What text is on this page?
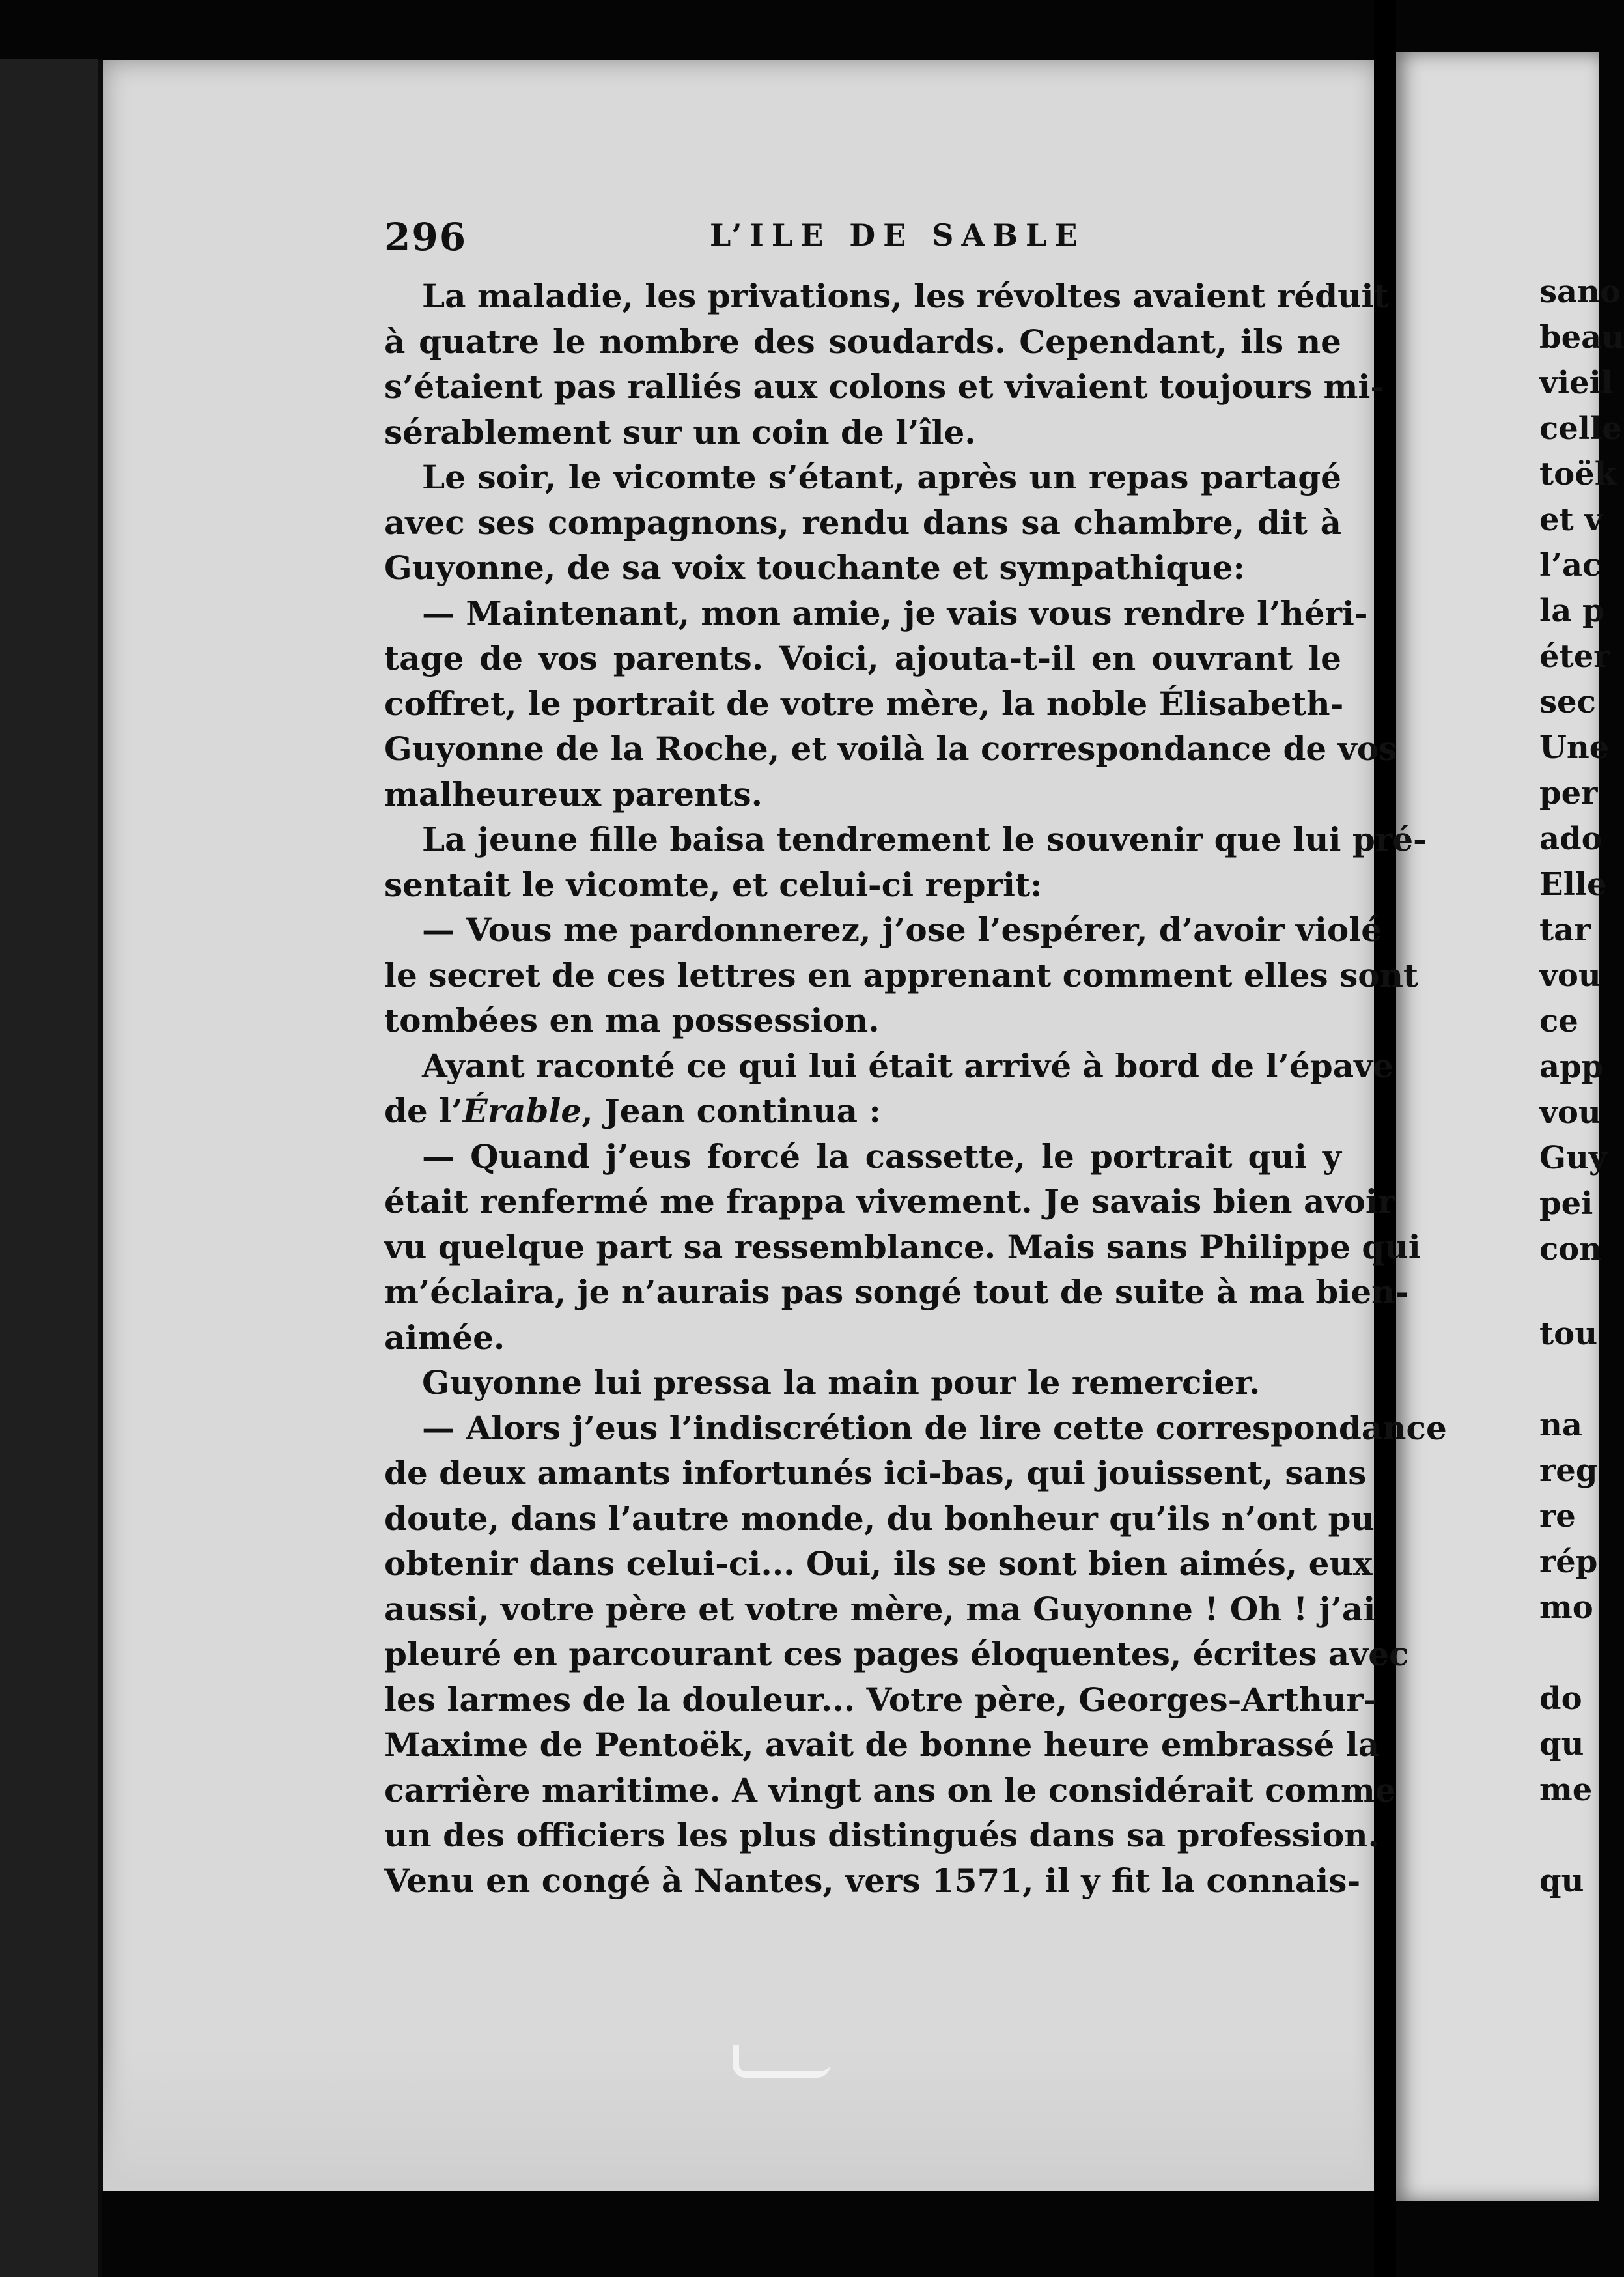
sano
beau
vieil
celle
toëk
et v
l’ac
la p
éter
sec
Une
per
ado
Elle
tar
vou
ce
app
vou
Guy
pei
con
tou
na
reg
re
rép
mo
do
qu
me
qu
296	L’ILE DE SABLE
La maladie, les privations, les révoltes avaient réduit
à quatre le nombre des soudards. Cependant, ils ne
s’étaient pas ralliés aux colons et vivaient toujours mi-
sérablement sur un coin de l’île.
Le soir, le vicomte s’étant, après un repas partagé
avec ses compagnons, rendu dans sa chambre, dit à
Guyonne, de sa voix touchante et sympathique:
— Maintenant, mon amie, je vais vous rendre l’héri-
tage de vos parents. Voici, ajouta-t-il en ouvrant le
coffret, le portrait de votre mère, la noble Élisabeth-
Guyonne de la Roche, et voilà la correspondance de vos
malheureux parents.
La jeune fille baisa tendrement le souvenir que lui pré-
sentait le vicomte, et celui-ci reprit:
— Vous me pardonnerez, j’ose l’espérer, d’avoir violé
le secret de ces lettres en apprenant comment elles sont
tombées en ma possession.
Ayant raconté ce qui lui était arrivé à bord de l’épave
de l’Érable, Jean continua :
— Quand j’eus forcé la cassette, le portrait qui y
était renfermé me frappa vivement. Je savais bien avoir
vu quelque part sa ressemblance. Mais sans Philippe qui
m’éclaira, je n’aurais pas songé tout de suite à ma bien-
aimée.
Guyonne lui pressa la main pour le remercier.
— Alors j’eus l’indiscrétion de lire cette correspondance
de deux amants infortunés ici-bas, qui jouissent, sans
doute, dans l’autre monde, du bonheur qu’ils n’ont pu
obtenir dans celui-ci... Oui, ils se sont bien aimés, eux
aussi, votre père et votre mère, ma Guyonne ! Oh ! j’ai
pleuré en parcourant ces pages éloquentes, écrites avec
les larmes de la douleur... Votre père, Georges-Arthur-
Maxime de Pentoëk, avait de bonne heure embrassé la
carrière maritime. A vingt ans on le considérait comme
un des officiers les plus distingués dans sa profession.
Venu en congé à Nantes, vers 1571, il y fit la connais-
